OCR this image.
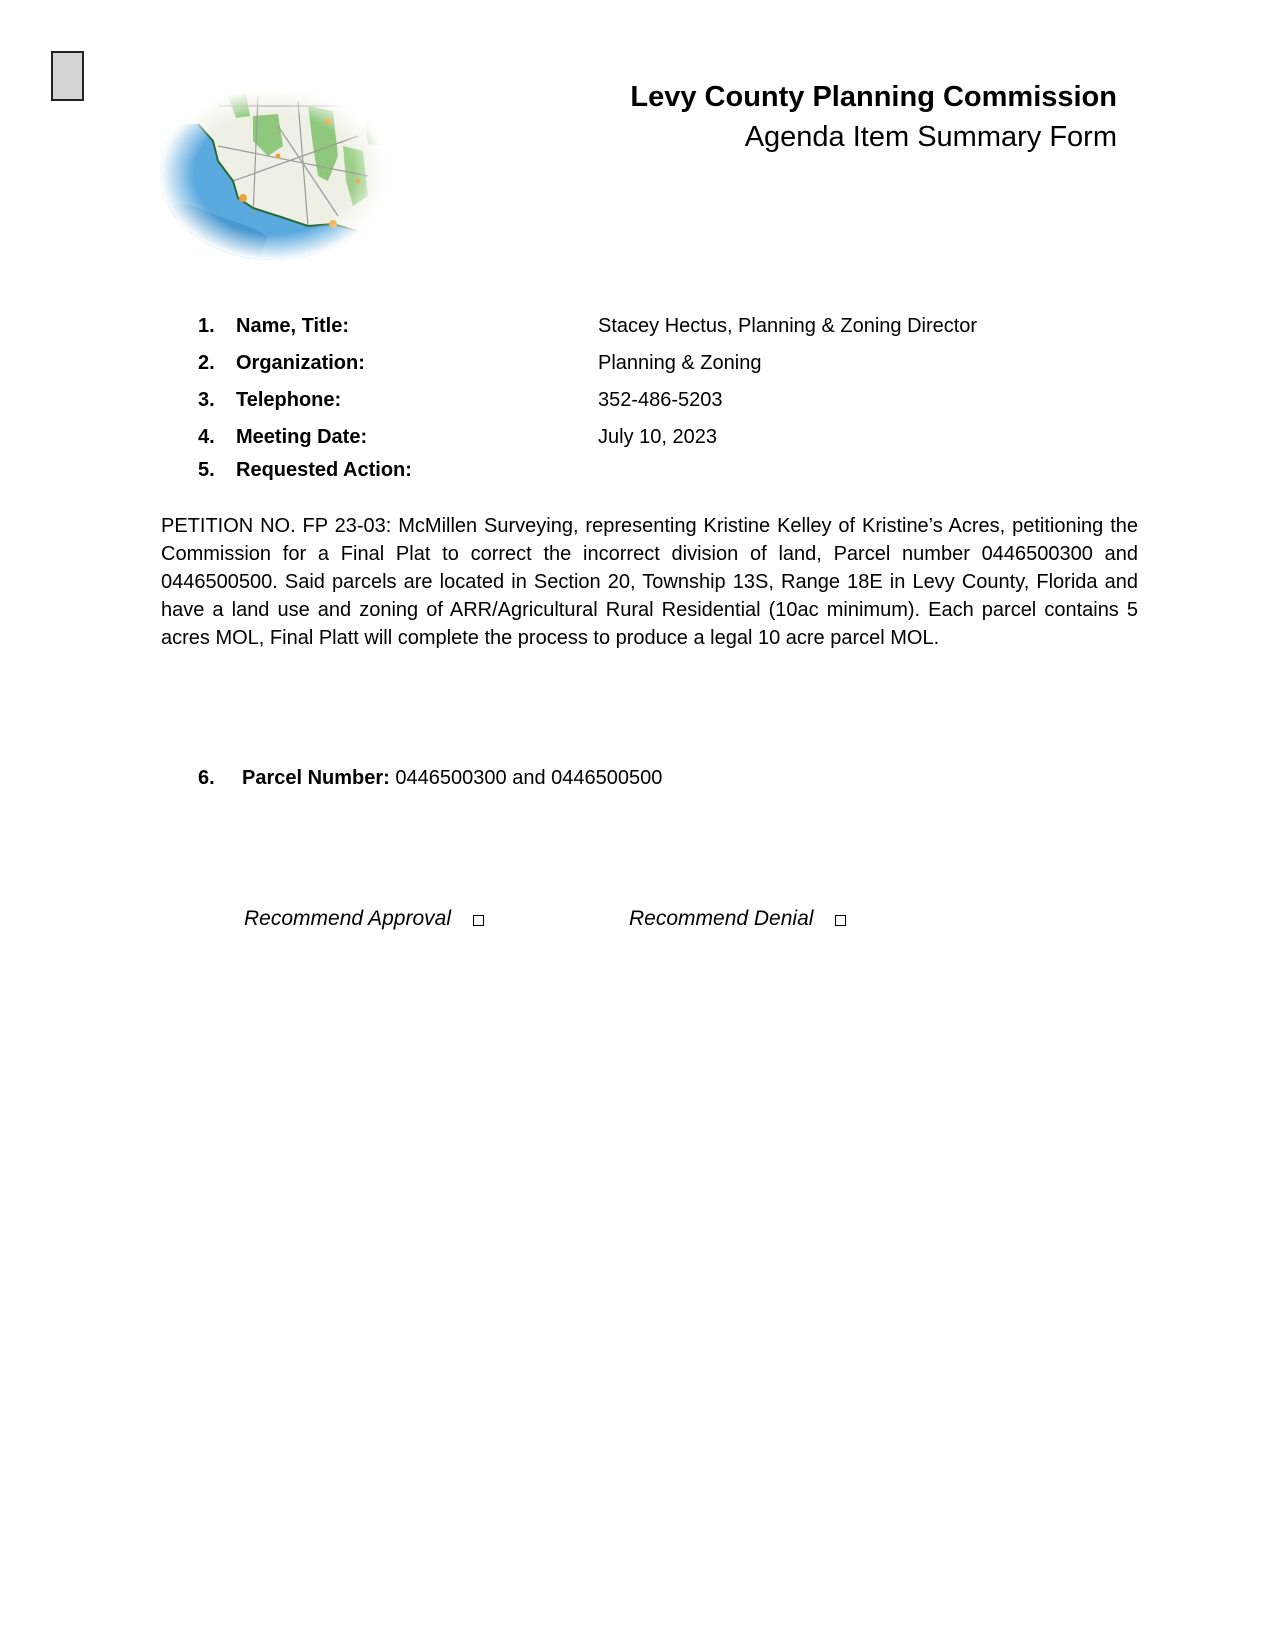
Levy County Planning Commission
Agenda Item Summary Form
1. Name, Title:	Stacey Hectus, Planning & Zoning Director
2. Organization:	Planning & Zoning
3. Telephone:	352-486-5203
4. Meeting Date:	July 10, 2023
5. Requested Action:
PETITION NO. FP 23-03: McMillen Surveying, representing Kristine Kelley of Kristine’s Acres, petitioning the Commission for a Final Plat to correct the incorrect division of land, Parcel number 0446500300 and 0446500500. Said parcels are located in Section 20, Township 13S, Range 18E in Levy County, Florida and have a land use and zoning of ARR/Agricultural Rural Residential (10ac minimum). Each parcel contains 5 acres MOL, Final Platt will complete the process to produce a legal 10 acre parcel MOL.
6. Parcel Number: 0446500300 and 0446500500
Recommend Approval	Recommend Denial
